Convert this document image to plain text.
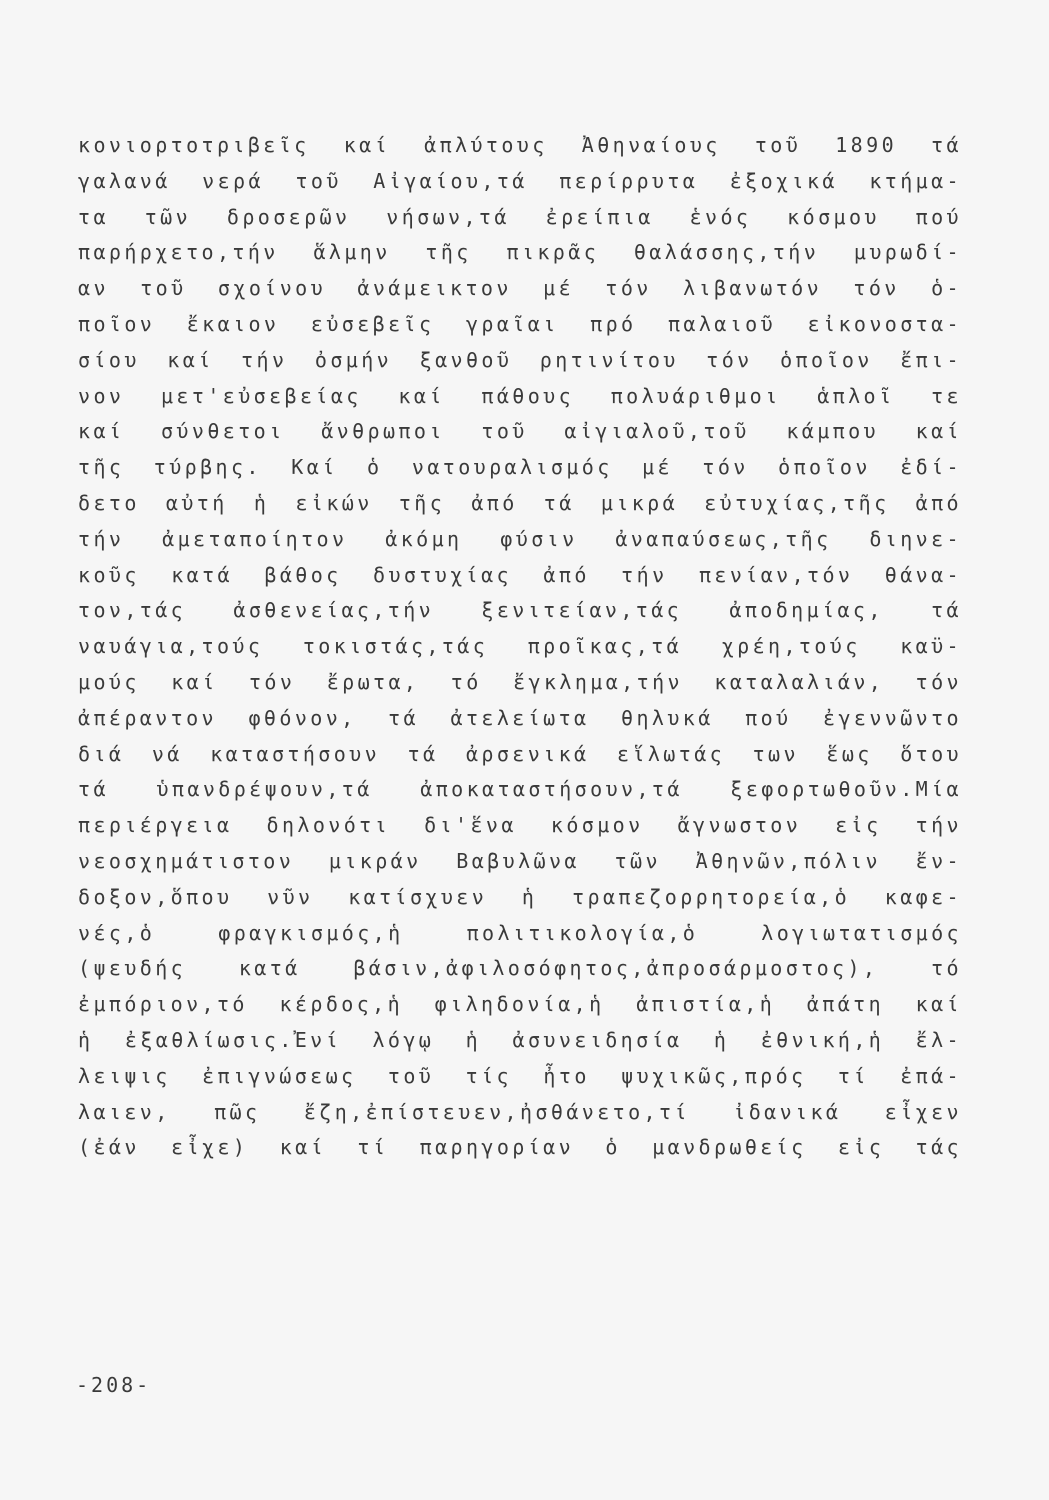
κονιορτοτριβεῖς καί ἀπλύτους Ἀθηναίους τοῦ 1890 τά
γαλανά νερά τοῦ Αἰγαίου,τά περίρρυτα ἐξοχικά κτήμα-
τα τῶν δροσερῶν νήσων,τά ἐρείπια ἑνός κόσμου πού
παρήρχετο,τήν ἅλμην τῆς πικρᾶς θαλάσσης,τήν μυρωδί-
αν τοῦ σχοίνου ἀνάμεικτον μέ τόν λιβανωτόν τόν ὁ-
ποῖον ἔκαιον εὐσεβεῖς γραῖαι πρό παλαιοῦ εἰκονοστα-
σίου καί τήν ὀσμήν ξανθοῦ ρητινίτου τόν ὁποῖον ἔπι-
νον μετ'εὐσεβείας καί πάθους πολυάριθμοι ἁπλοῖ τε
καί σύνθετοι ἄνθρωποι τοῦ αἰγιαλοῦ,τοῦ κάμπου καί
τῆς τύρβης. Καί ὁ νατουραλισμός μέ τόν ὁποῖον ἐδί-
δετο αὐτή ἡ εἰκών τῆς ἀπό τά μικρά εὐτυχίας,τῆς ἀπό
τήν ἀμεταποίητον ἀκόμη φύσιν ἀναπαύσεως,τῆς διηνε-
κοῦς κατά βάθος δυστυχίας ἀπό τήν πενίαν,τόν θάνα-
τον,τάς ἀσθενείας,τήν ξενιτείαν,τάς ἀποδημίας, τά
ναυάγια,τούς τοκιστάς,τάς προῖκας,τά χρέη,τούς καϋ-
μούς καί τόν ἔρωτα, τό ἔγκλημα,τήν καταλαλιάν, τόν
ἀπέραντον φθόνον, τά ἀτελείωτα θηλυκά πού ἐγεννῶντο
διά νά καταστήσουν τά ἀρσενικά εἵλωτάς των ἕως ὅτου
τά ὑπανδρέψουν,τά ἀποκαταστήσουν,τά ξεφορτωθοῦν.Μία
περιέργεια δηλονότι δι'ἕνα κόσμον ἄγνωστον εἰς τήν
νεοσχημάτιστον μικράν Βαβυλῶνα τῶν Ἀθηνῶν,πόλιν ἔν-
δοξον,ὅπου νῦν κατίσχυεν ἡ τραπεζορρητορεία,ὁ καφε-
νές,ὁ φραγκισμός,ἡ πολιτικολογία,ὁ λογιωτατισμός
(ψευδής κατά βάσιν,ἀφιλοσόφητος,ἀπροσάρμοστος), τό
ἐμπόριον,τό κέρδος,ἡ φιληδονία,ἡ ἀπιστία,ἡ ἀπάτη καί
ἡ ἐξαθλίωσις.Ἐνί λόγῳ ἡ ἀσυνειδησία ἡ ἐθνική,ἡ ἔλ-
λειψις ἐπιγνώσεως τοῦ τίς ἦτο ψυχικῶς,πρός τί ἐπά-
λαιεν, πῶς ἔζη,ἐπίστευεν,ἠσθάνετο,τί ἰδανικά εἶχεν
(ἐάν εἶχε) καί τί παρηγορίαν ὁ μανδρωθείς εἰς τάς
-208-
